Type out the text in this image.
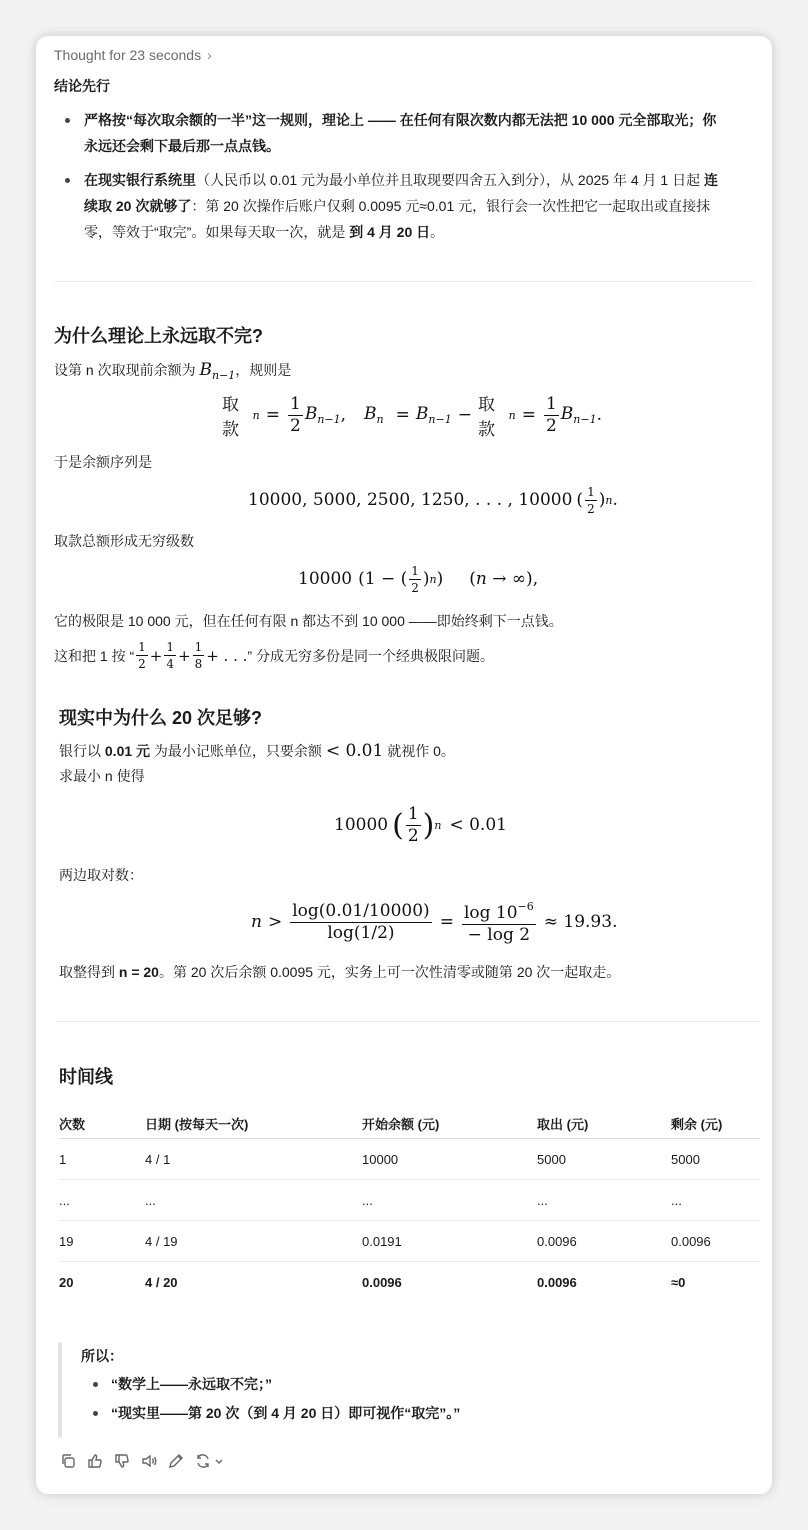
Thought for 23 seconds ›
结论先行
严格按“每次取余额的一半”这一规则，理论上 —— 在任何有限次数内都无法把 10 000 元全部取光；你
永远还会剩下最后那一点点钱。
在现实银行系统里（人民币以 0.01 元为最小单位并且取现要四舍五入到分），从 2025 年 4 月 1 日起 连
续取 20 次就够了：第 20 次操作后账户仅剩 0.0095 元≈0.01 元，银行会一次性把它一起取出或直接抹
零，等效于“取完”。如果每天取一次，就是 到 4 月 20 日。
为什么理论上永远取不完?
设第 n 次取现前余额为 $B_{n-1}$，规则是
取款
$n = \frac{1}{2} B_{n-1}$ , $B_n = B_{n-1}$ − 取款
$n = \frac{1}{2} B_{n-1}$ .
于是余额序列是
10000, 5000, 2500, 1250, . . . , 10000 ( $\frac{1}{2}$ ) n .
取款总额形成无穷级数
10000 (1 − ( $\frac{1}{2}$ ) n ) (n → ∞),
它的极限是 10 000 元，但在任何有限 n 都达不到 10 000 ——即始终剩下一点钱。
这和把 1 按 “ $\frac{1}{2} + \frac{1}{4} + \frac{1}{8}$ + . . . ” 分成无穷多份是同一个经典极限问题。
现实中为什么 20 次足够?
银行以 0.01 元 为最小记账单位，只要余额 < 0.01 就视作 0。
求最小 n 使得
10000 ( $\frac{1}{2}$ ) n < 0.01
两边取对数：
$n > \frac{\log(0.01/10000)}{\log(1/2)} = \frac{\log 10^{-6}}{- \log 2} \approx 19.93$.
取整得到 n = 20。第 20 次后余额 0.0095 元，实务上可一次性清零或随第 20 次一起取走。
时间线
次数	日期 (按每天一次)	开始余额 (元)	取出 (元)	剩余 (元)
1	4 / 1	10000	5000	5000
...	...	...	...	...
19	4 / 19	0.0191	0.0096	0.0096
20	4 / 20	0.0096	0.0096	≈0
所以：
“数学上——永远取不完；”
“现实里——第 20 次（到 4 月 20 日）即可视作“取完”。”
